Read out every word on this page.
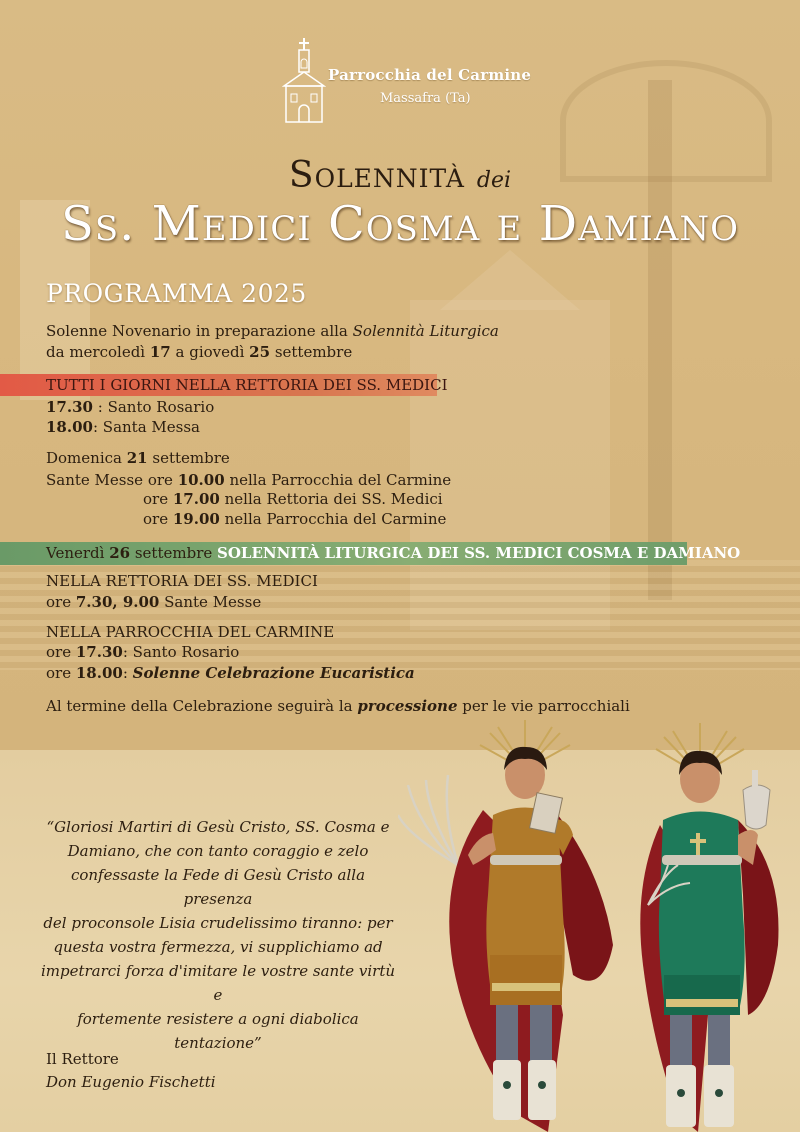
Parrocchia del Carmine
Massafra (Ta)
Solennità dei
Ss. Medici Cosma e Damiano
PROGRAMMA 2025
Solenne Novenario in preparazione alla Solennità Liturgica
da mercoledì 17 a giovedì 25 settembre
TUTTI I GIORNI NELLA RETTORIA DEI SS. MEDICI
17.30 : Santo Rosario
18.00: Santa Messa
Domenica 21 settembre
Sante Messe ore 10.00 nella Parrocchia del Carmine
ore 17.00 nella Rettoria dei SS. Medici
ore 19.00 nella Parrocchia del Carmine
Venerdì 26 settembre SOLENNITÀ LITURGICA DEI SS. MEDICI COSMA E DAMIANO
NELLA RETTORIA DEI SS. MEDICI
ore 7.30, 9.00 Sante Messe
NELLA PARROCCHIA DEL CARMINE
ore 17.30: Santo Rosario
ore 18.00: Solenne Celebrazione Eucaristica
Al termine della Celebrazione seguirà la processione per le vie parrocchiali
“Gloriosi Martiri di Gesù Cristo, SS. Cosma e
Damiano, che con tanto coraggio e zelo
confessaste la Fede di Gesù Cristo alla presenza
del proconsole Lisia crudelissimo tiranno: per
questa vostra fermezza, vi supplichiamo ad
impetrarci forza d'imitare le vostre sante virtù e
fortemente resistere a ogni diabolica tentazione”
Il Rettore
Don Eugenio Fischetti
